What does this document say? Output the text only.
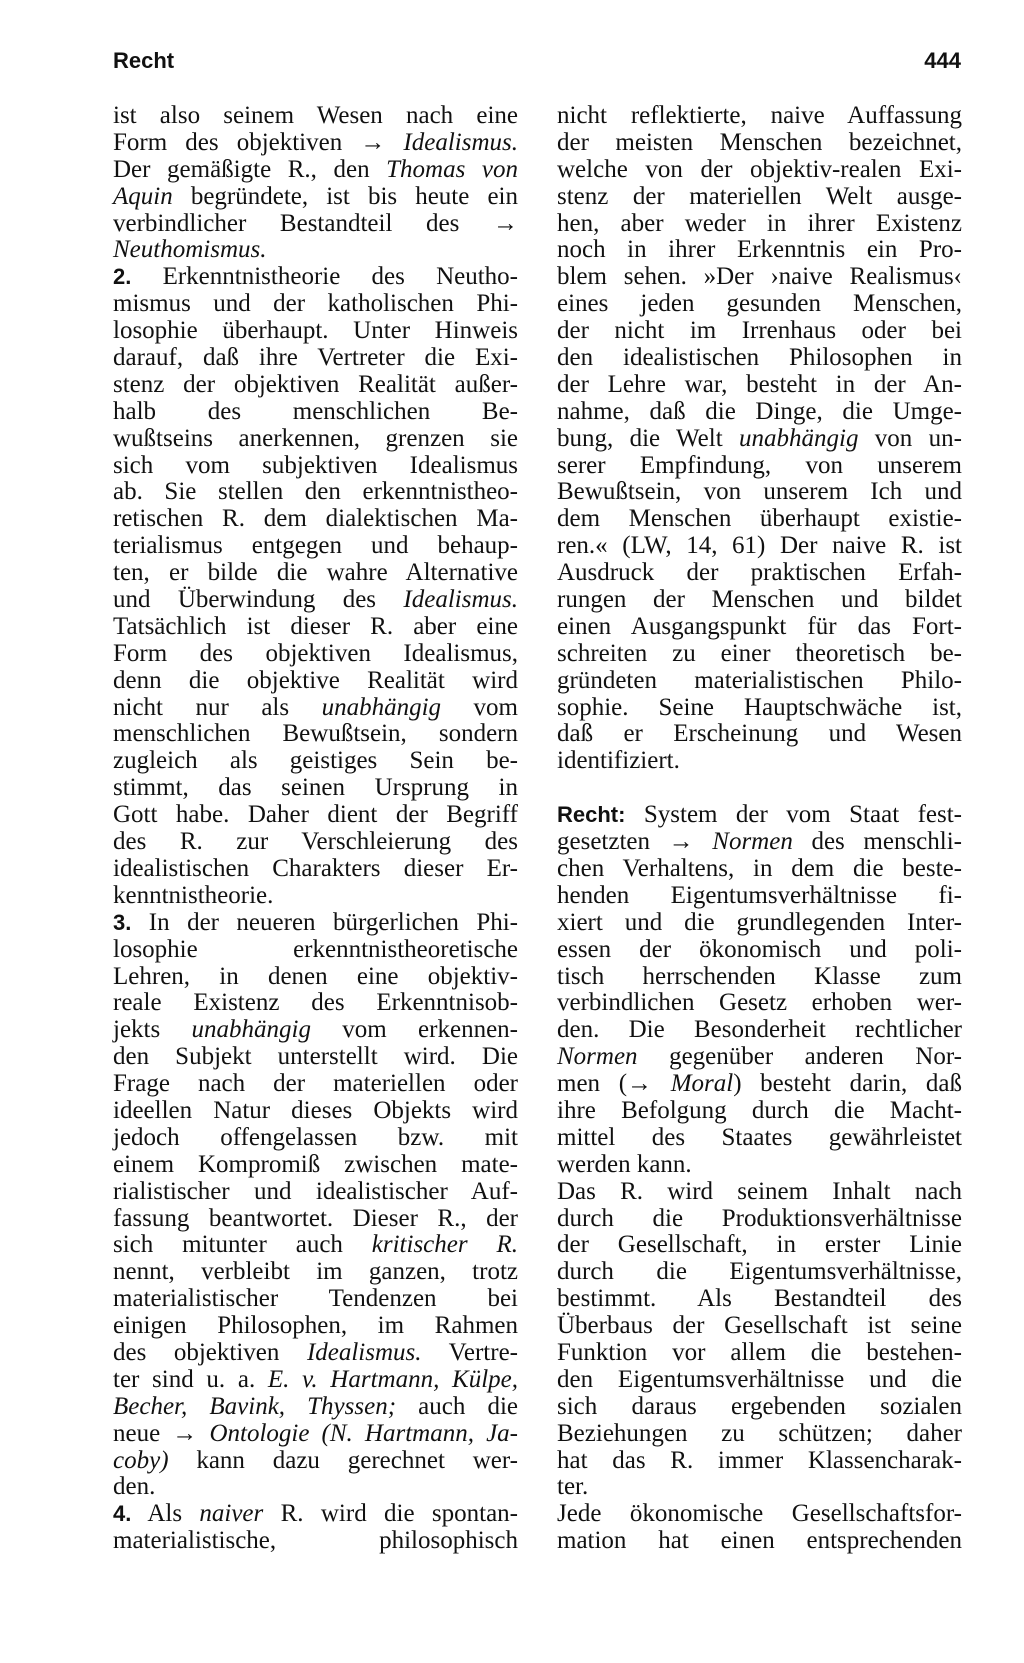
Recht	444
ist also seinem Wesen nach eine
Form des objektiven → Idealismus.
Der gemäßigte R., den Thomas von
Aquin begründete, ist bis heute ein
verbindlicher Bestandteil des →
Neuthomismus.
2. Erkenntnistheorie des Neutho-
mismus und der katholischen Phi-
losophie überhaupt. Unter Hinweis
darauf, daß ihre Vertreter die Exi-
stenz der objektiven Realität außer-
halb des menschlichen Be-
wußtseins anerkennen, grenzen sie
sich vom subjektiven Idealismus
ab. Sie stellen den erkenntnistheo-
retischen R. dem dialektischen Ma-
terialismus entgegen und behaup-
ten, er bilde die wahre Alternative
und Überwindung des Idealismus.
Tatsächlich ist dieser R. aber eine
Form des objektiven Idealismus,
denn die objektive Realität wird
nicht nur als unabhängig vom
menschlichen Bewußtsein, sondern
zugleich als geistiges Sein be-
stimmt, das seinen Ursprung in
Gott habe. Daher dient der Begriff
des R. zur Verschleierung des
idealistischen Charakters dieser Er-
kenntnistheorie.
3. In der neueren bürgerlichen Phi-
losophie erkenntnistheoretische
Lehren, in denen eine objektiv-
reale Existenz des Erkenntnisob-
jekts unabhängig vom erkennen-
den Subjekt unterstellt wird. Die
Frage nach der materiellen oder
ideellen Natur dieses Objekts wird
jedoch offengelassen bzw. mit
einem Kompromiß zwischen mate-
rialistischer und idealistischer Auf-
fassung beantwortet. Dieser R., der
sich mitunter auch kritischer R.
nennt, verbleibt im ganzen, trotz
materialistischer Tendenzen bei
einigen Philosophen, im Rahmen
des objektiven Idealismus. Vertre-
ter sind u. a. E. v. Hartmann, Külpe,
Becher, Bavink, Thyssen; auch die
neue → Ontologie (N. Hartmann, Ja-
coby) kann dazu gerechnet wer-
den.
4. Als naiver R. wird die spontan-
materialistische, philosophisch
nicht reflektierte, naive Auffassung
der meisten Menschen bezeichnet,
welche von der objektiv-realen Exi-
stenz der materiellen Welt ausge-
hen, aber weder in ihrer Existenz
noch in ihrer Erkenntnis ein Pro-
blem sehen. »Der ›naive Realismus‹
eines jeden gesunden Menschen,
der nicht im Irrenhaus oder bei
den idealistischen Philosophen in
der Lehre war, besteht in der An-
nahme, daß die Dinge, die Umge-
bung, die Welt unabhängig von un-
serer Empfindung, von unserem
Bewußtsein, von unserem Ich und
dem Menschen überhaupt existie-
ren.« (LW, 14, 61) Der naive R. ist
Ausdruck der praktischen Erfah-
rungen der Menschen und bildet
einen Ausgangspunkt für das Fort-
schreiten zu einer theoretisch be-
gründeten materialistischen Philo-
sophie. Seine Hauptschwäche ist,
daß er Erscheinung und Wesen
identifiziert.
Recht: System der vom Staat fest-
gesetzten → Normen des menschli-
chen Verhaltens, in dem die beste-
henden Eigentumsverhältnisse fi-
xiert und die grundlegenden Inter-
essen der ökonomisch und poli-
tisch herrschenden Klasse zum
verbindlichen Gesetz erhoben wer-
den. Die Besonderheit rechtlicher
Normen gegenüber anderen Nor-
men (→ Moral) besteht darin, daß
ihre Befolgung durch die Macht-
mittel des Staates gewährleistet
werden kann.
Das R. wird seinem Inhalt nach
durch die Produktionsverhältnisse
der Gesellschaft, in erster Linie
durch die Eigentumsverhältnisse,
bestimmt. Als Bestandteil des
Überbaus der Gesellschaft ist seine
Funktion vor allem die bestehen-
den Eigentumsverhältnisse und die
sich daraus ergebenden sozialen
Beziehungen zu schützen; daher
hat das R. immer Klassencharak-
ter.
Jede ökonomische Gesellschaftsfor-
mation hat einen entsprechenden
